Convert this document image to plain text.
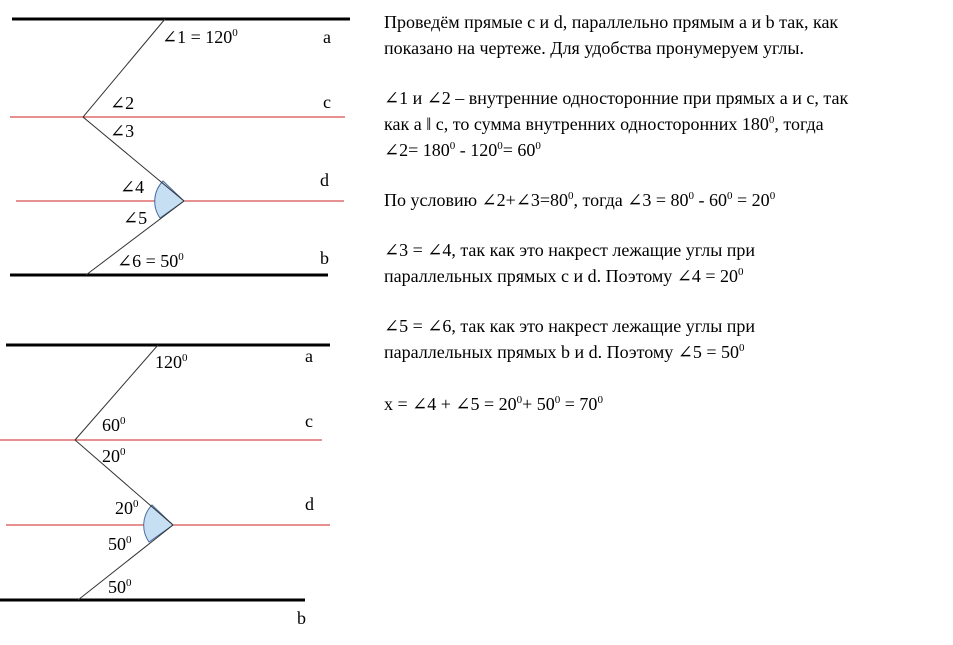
∠1 = $120^0$
∠2
∠3
∠4
∠5
∠6 = $50^0$
a
c
d
b
$120^0$
$60^0$
$20^0$
$20^0$
$50^0$
$50^0$
a
c
d
b
Проведём прямые c и d, параллельно прямым a и b так, как
показано на чертеже. Для удобства пронумеруем углы.
∠1 и ∠2 – внутренние односторонние при прямых a и c, так
как a ǁ c, то сумма внутренних односторонних $180^0$, тогда
∠2= $180^0 - 120^0= 60^0$
По условию $\angle 2+\angle 3=80^0$, тогда ∠3 = $80^0 - 60^0 = 20^0$
∠3 = ∠4, так как это накрест лежащие углы при
параллельных прямых c и d. Поэтому ∠4 = $20^0$
∠5 = ∠6, так как это накрест лежащие углы при
параллельных прямых b и d. Поэтому ∠5 = $50^0$
x = ∠4 + ∠5 = $20^0+ 50^0 = 70^0$
